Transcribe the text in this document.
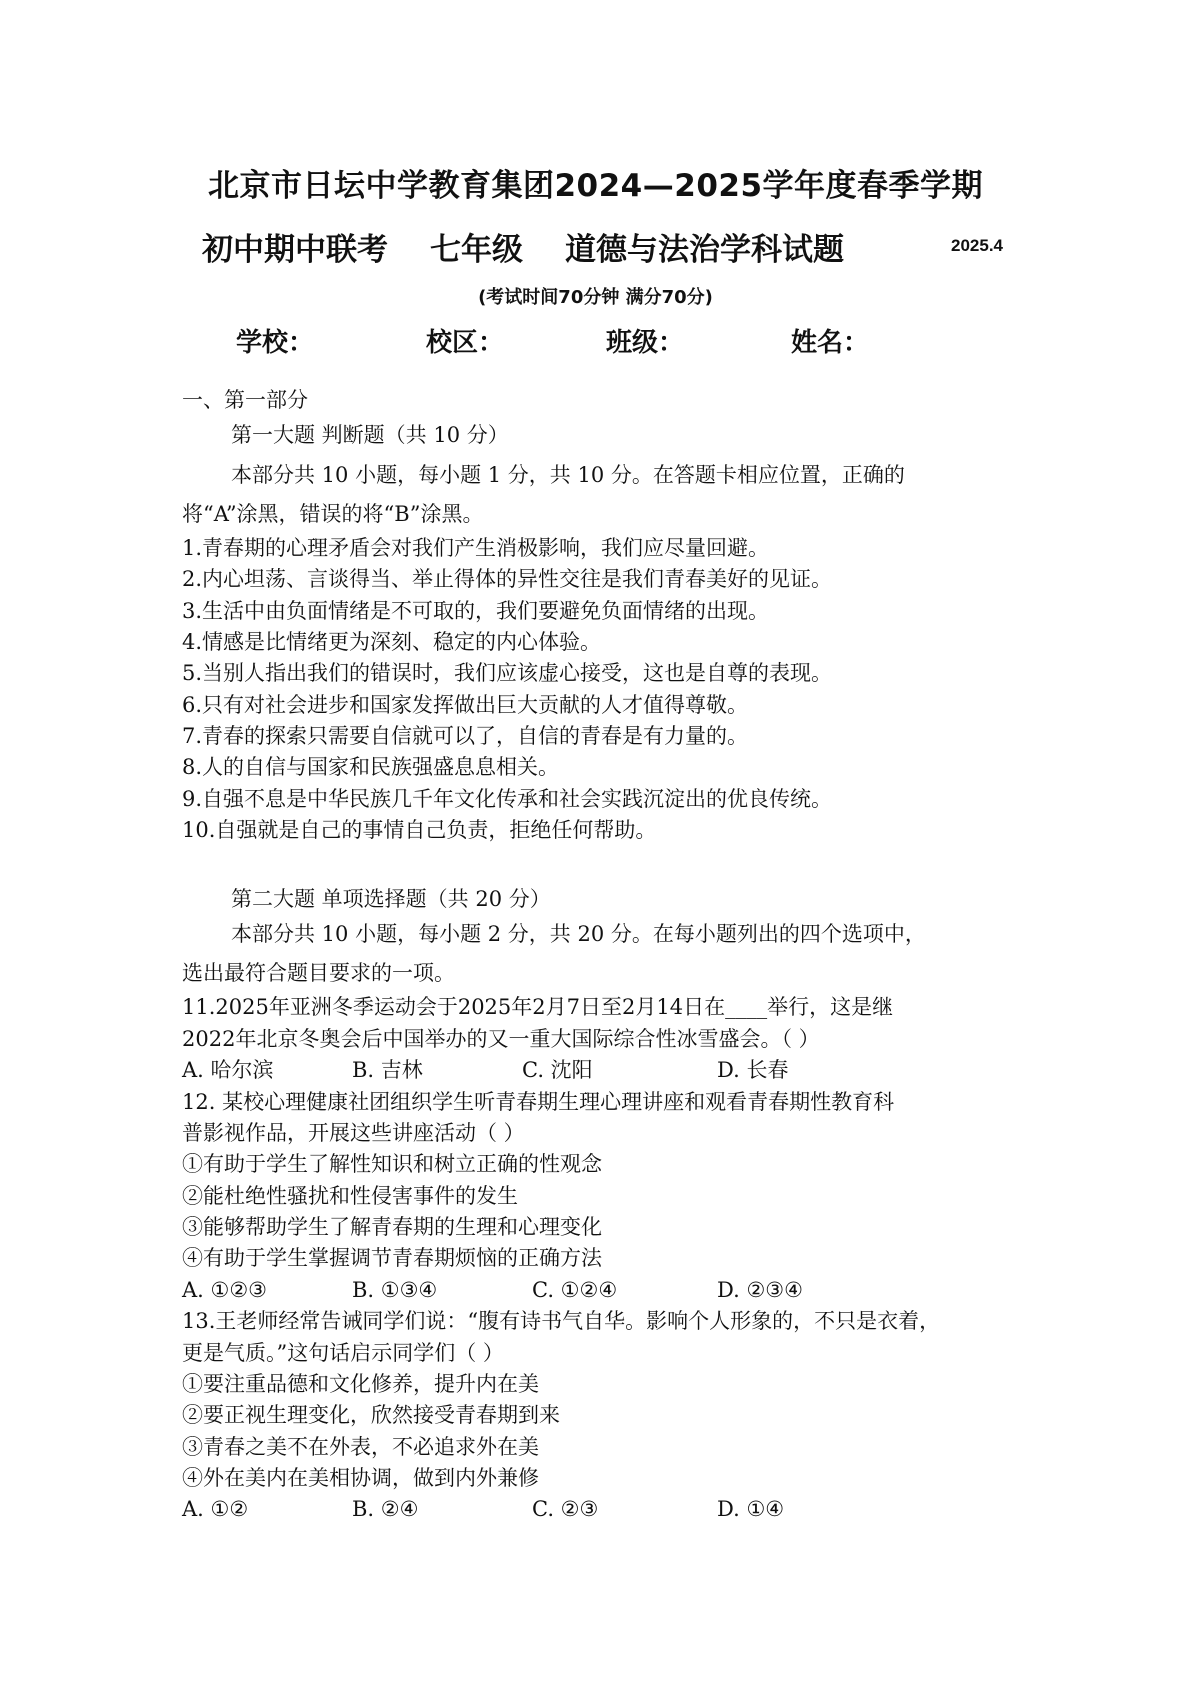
北京市日坛中学教育集团2024—2025学年度春季学期
初中期中联考 七年级 道德与法治学科试题	2025.4
(考试时间70分钟 满分70分)
学校：	校区：	班级：	姓名：
一、第一部分
第一大题 判断题（共 10 分）
本部分共 10 小题，每小题 1 分，共 10 分。在答题卡相应位置，正确的
将“A”涂黑，错误的将“B”涂黑。
1.青春期的心理矛盾会对我们产生消极影响，我们应尽量回避。
2.内心坦荡、言谈得当、举止得体的异性交往是我们青春美好的见证。
3.生活中由负面情绪是不可取的，我们要避免负面情绪的出现。
4.情感是比情绪更为深刻、稳定的内心体验。
5.当别人指出我们的错误时，我们应该虚心接受，这也是自尊的表现。
6.只有对社会进步和国家发挥做出巨大贡献的人才值得尊敬。
7.青春的探索只需要自信就可以了，自信的青春是有力量的。
8.人的自信与国家和民族强盛息息相关。
9.自强不息是中华民族几千年文化传承和社会实践沉淀出的优良传统。
10.自强就是自己的事情自己负责，拒绝任何帮助。
第二大题 单项选择题（共 20 分）
本部分共 10 小题，每小题 2 分，共 20 分。在每小题列出的四个选项中，
选出最符合题目要求的一项。
11.2025年亚洲冬季运动会于2025年2月7日至2月14日在____举行，这是继
2022年北京冬奥会后中国举办的又一重大国际综合性冰雪盛会。（ ）
A. 哈尔滨	B. 吉林	C. 沈阳	D. 长春
12. 某校心理健康社团组织学生听青春期生理心理讲座和观看青春期性教育科
普影视作品，开展这些讲座活动（ ）
①有助于学生了解性知识和树立正确的性观念
②能杜绝性骚扰和性侵害事件的发生
③能够帮助学生了解青春期的生理和心理变化
④有助于学生掌握调节青春期烦恼的正确方法
A. ①②③	B. ①③④	C. ①②④	D. ②③④
13.王老师经常告诫同学们说：“腹有诗书气自华。影响个人形象的，不只是衣着，
更是气质。”这句话启示同学们（ ）
①要注重品德和文化修养，提升内在美
②要正视生理变化，欣然接受青春期到来
③青春之美不在外表，不必追求外在美
④外在美内在美相协调，做到内外兼修
A. ①②	B. ②④	C. ②③	D. ①④
